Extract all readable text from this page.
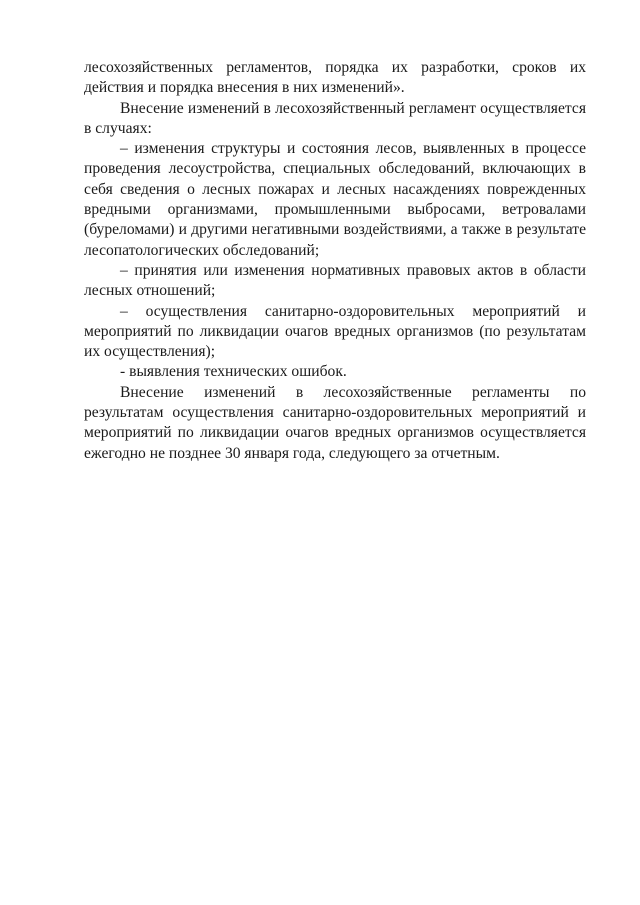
лесохозяйственных регламентов, порядка их разработки, сроков их действия и порядка внесения в них изменений».

Внесение изменений в лесохозяйственный регламент осуществляется в случаях:

– изменения структуры и состояния лесов, выявленных в процессе проведения лесоустройства, специальных обследований, включающих в себя сведения о лесных пожарах и лесных насаждениях поврежденных вредными организмами, промышленными выбросами, ветровалами (буреломами) и другими негативными воздействиями, а также в результате лесопатологических обследований;

– принятия или изменения нормативных правовых актов в области лесных отношений;

– осуществления санитарно-оздоровительных мероприятий и мероприятий по ликвидации очагов вредных организмов (по результатам их осуществления);

- выявления технических ошибок.

Внесение изменений в лесохозяйственные регламенты по результатам осуществления санитарно-оздоровительных мероприятий и мероприятий по ликвидации очагов вредных организмов осуществляется ежегодно не позднее 30 января года, следующего за отчетным.
